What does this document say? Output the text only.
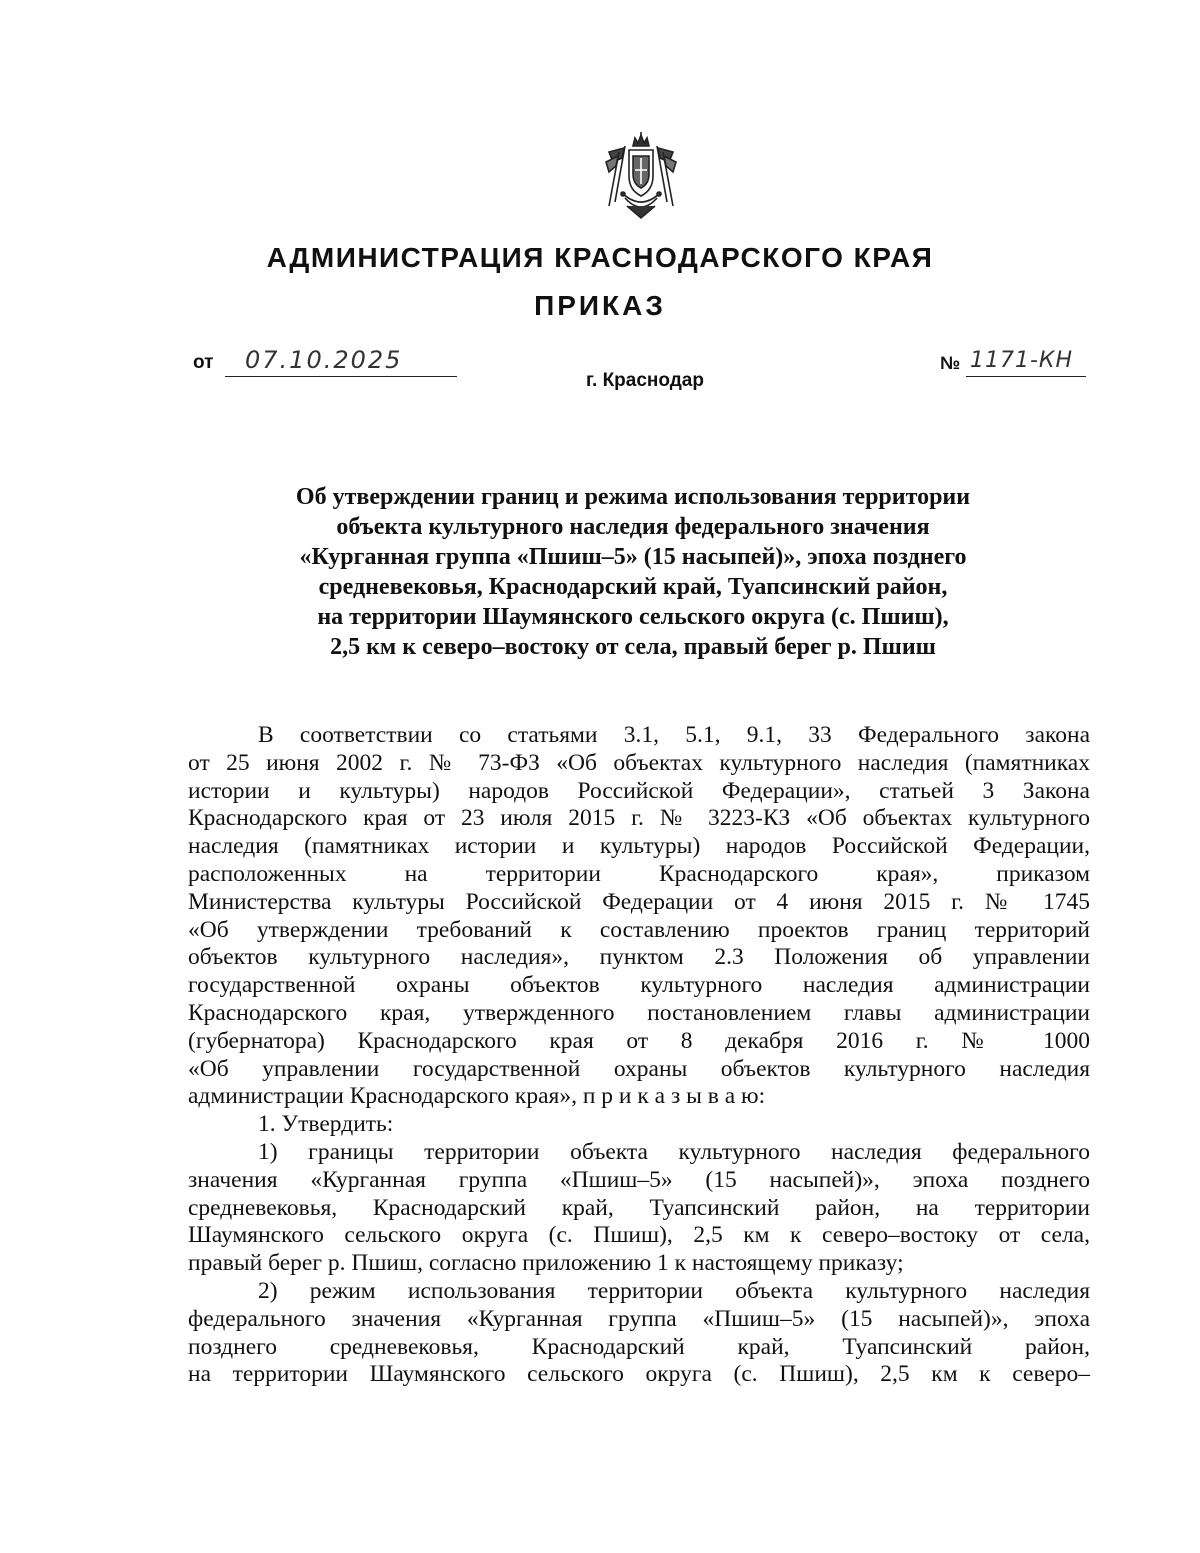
АДМИНИСТРАЦИЯ КРАСНОДАРСКОГО КРАЯ
ПРИКАЗ
от 07.10.2025	№ 1171-КН
г. Краснодар
Об утверждении границ и режима использования территории
объекта культурного наследия федерального значения
«Курганная группа «Пшиш–5» (15 насыпей)», эпоха позднего
средневековья, Краснодарский край, Туапсинский район,
на территории Шаумянского сельского округа (с. Пшиш),
2,5 км к северо–востоку от села, правый берег р. Пшиш
В соответствии со статьями 3.1, 5.1, 9.1, 33 Федерального закона
от 25 июня 2002 г. № 73-ФЗ «Об объектах культурного наследия (памятниках
истории и культуры) народов Российской Федерации», статьей 3 Закона
Краснодарского края от 23 июля 2015 г. № 3223-КЗ «Об объектах культурного
наследия (памятниках истории и культуры) народов Российской Федерации,
расположенных на территории Краснодарского края», приказом
Министерства культуры Российской Федерации от 4 июня 2015 г. № 1745
«Об утверждении требований к составлению проектов границ территорий
объектов культурного наследия», пунктом 2.3 Положения об управлении
государственной охраны объектов культурного наследия администрации
Краснодарского края, утвержденного постановлением главы администрации
(губернатора) Краснодарского края от 8 декабря 2016 г. № 1000
«Об управлении государственной охраны объектов культурного наследия
администрации Краснодарского края», п р и к а з ы в а ю:
1. Утвердить:
1) границы территории объекта культурного наследия федерального
значения «Курганная группа «Пшиш–5» (15 насыпей)», эпоха позднего
средневековья, Краснодарский край, Туапсинский район, на территории
Шаумянского сельского округа (с. Пшиш), 2,5 км к северо–востоку от села,
правый берег р. Пшиш, согласно приложению 1 к настоящему приказу;
2) режим использования территории объекта культурного наследия
федерального значения «Курганная группа «Пшиш–5» (15 насыпей)», эпоха
позднего средневековья, Краснодарский край, Туапсинский район,
на территории Шаумянского сельского округа (с. Пшиш), 2,5 км к северо–
